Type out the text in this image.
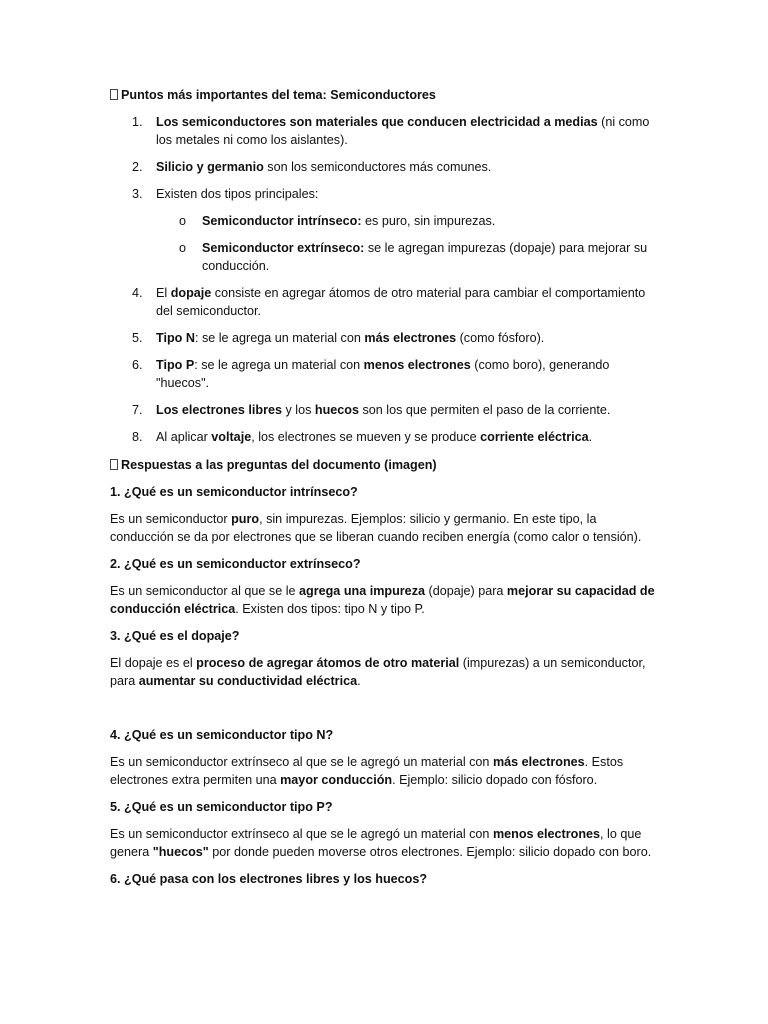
Puntos más importantes del tema: Semiconductores

1. Los semiconductores son materiales que conducen electricidad a medias (ni como los metales ni como los aislantes).
2. Silicio y germanio son los semiconductores más comunes.
3. Existen dos tipos principales:
o Semiconductor intrínseco: es puro, sin impurezas.
o Semiconductor extrínseco: se le agregan impurezas (dopaje) para mejorar su conducción.
4. El dopaje consiste en agregar átomos de otro material para cambiar el comportamiento del semiconductor.
5. Tipo N: se le agrega un material con más electrones (como fósforo).
6. Tipo P: se le agrega un material con menos electrones (como boro), generando "huecos".
7. Los electrones libres y los huecos son los que permiten el paso de la corriente.
8. Al aplicar voltaje, los electrones se mueven y se produce corriente eléctrica.

Respuestas a las preguntas del documento (imagen)

1. ¿Qué es un semiconductor intrínseco?

Es un semiconductor puro, sin impurezas. Ejemplos: silicio y germanio. En este tipo, la conducción se da por electrones que se liberan cuando reciben energía (como calor o tensión).

2. ¿Qué es un semiconductor extrínseco?

Es un semiconductor al que se le agrega una impureza (dopaje) para mejorar su capacidad de conducción eléctrica. Existen dos tipos: tipo N y tipo P.

3. ¿Qué es el dopaje?

El dopaje es el proceso de agregar átomos de otro material (impurezas) a un semiconductor, para aumentar su conductividad eléctrica.

4. ¿Qué es un semiconductor tipo N?

Es un semiconductor extrínseco al que se le agregó un material con más electrones. Estos electrones extra permiten una mayor conducción. Ejemplo: silicio dopado con fósforo.

5. ¿Qué es un semiconductor tipo P?

Es un semiconductor extrínseco al que se le agregó un material con menos electrones, lo que genera "huecos" por donde pueden moverse otros electrones. Ejemplo: silicio dopado con boro.

6. ¿Qué pasa con los electrones libres y los huecos?
